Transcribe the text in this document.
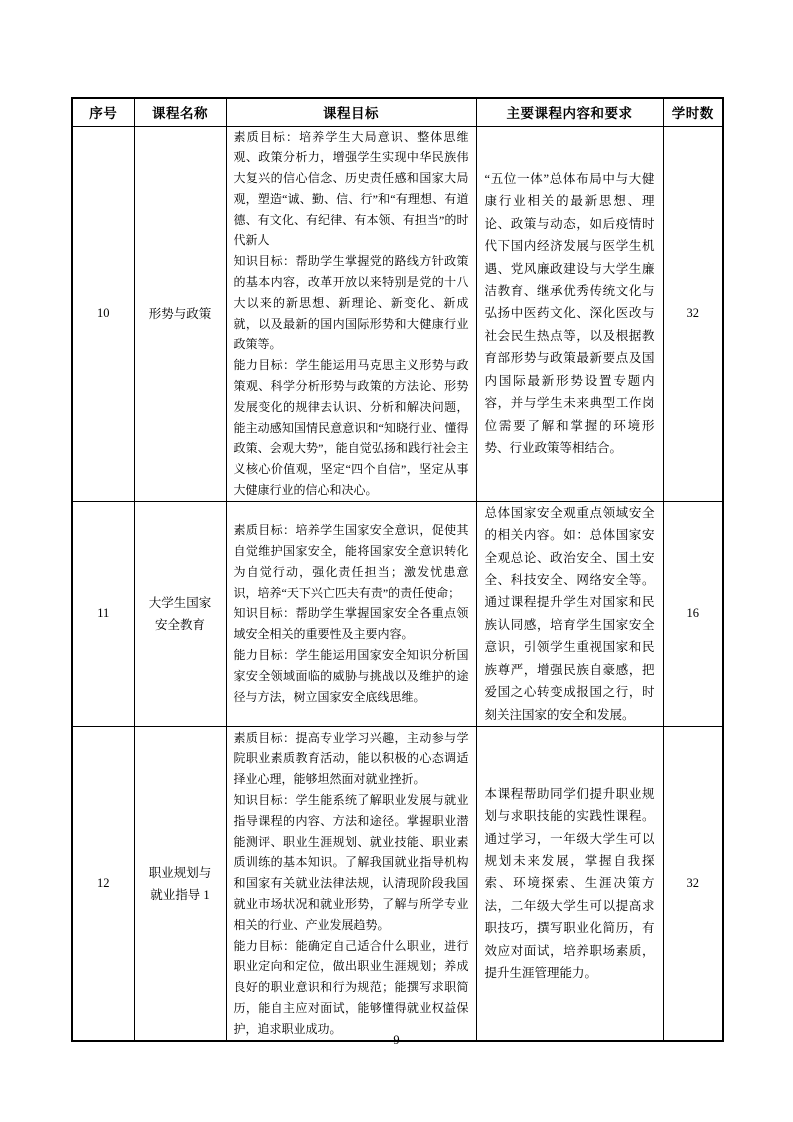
序号	课程名称	课程目标	主要课程内容和要求	学时数
10	形势与政策	素质目标：培养学生大局意识、整体思维观、政策分析力，增强学生实现中华民族伟大复兴的信心信念、历史责任感和国家大局观，塑造“诚、勤、信、行”和“有理想、有道德、有文化、有纪律、有本领、有担当”的时代新人

知识目标：帮助学生掌握党的路线方针政策的基本内容，改革开放以来特别是党的十八大以来的新思想、新理论、新变化、新成就，以及最新的国内国际形势和大健康行业政策等。

能力目标：学生能运用马克思主义形势与政策观、科学分析形势与政策的方法论、形势发展变化的规律去认识、分析和解决问题，能主动感知国情民意意识和“知晓行业、懂得政策、会观大势”，能自觉弘扬和践行社会主义核心价值观，坚定“四个自信”，坚定从事大健康行业的信心和决心。	“五位一体”总体布局中与大健康行业相关的最新思想、理论、政策与动态，如后疫情时代下国内经济发展与医学生机遇、党风廉政建设与大学生廉洁教育、继承优秀传统文化与弘扬中医药文化、深化医改与社会民生热点等，以及根据教育部形势与政策最新要点及国内国际最新形势设置专题内容，并与学生未来典型工作岗位需要了解和掌握的环境形势、行业政策等相结合。	32
11	大学生国家安全教育	素质目标：培养学生国家安全意识，促使其自觉维护国家安全，能将国家安全意识转化为自觉行动，强化责任担当；激发忧患意识，培养“天下兴亡匹夫有责”的责任使命；

知识目标：帮助学生掌握国家安全各重点领域安全相关的重要性及主要内容。

能力目标：学生能运用国家安全知识分析国家安全领域面临的威胁与挑战以及维护的途径与方法，树立国家安全底线思维。	总体国家安全观重点领域安全的相关内容。如：总体国家安全观总论、政治安全、国土安全、科技安全、网络安全等。通过课程提升学生对国家和民族认同感，培育学生国家安全意识，引领学生重视国家和民族尊严，增强民族自豪感，把爱国之心转变成报国之行，时刻关注国家的安全和发展。	16
12	职业规划与就业指导 1	素质目标：提高专业学习兴趣，主动参与学院职业素质教育活动，能以积极的心态调适择业心理，能够坦然面对就业挫折。

知识目标：学生能系统了解职业发展与就业指导课程的内容、方法和途径。掌握职业潜能测评、职业生涯规划、就业技能、职业素质训练的基本知识。了解我国就业指导机构和国家有关就业法律法规，认清现阶段我国就业市场状况和就业形势，了解与所学专业相关的行业、产业发展趋势。

能力目标：能确定自己适合什么职业，进行职业定向和定位，做出职业生涯规划；养成良好的职业意识和行为规范；能撰写求职简历，能自主应对面试，能够懂得就业权益保护，追求职业成功。	本课程帮助同学们提升职业规划与求职技能的实践性课程。通过学习，一年级大学生可以规划未来发展，掌握自我探索、环境探索、生涯决策方法，二年级大学生可以提高求职技巧，撰写职业化简历，有效应对面试，培养职场素质，提升生涯管理能力。	32
9
